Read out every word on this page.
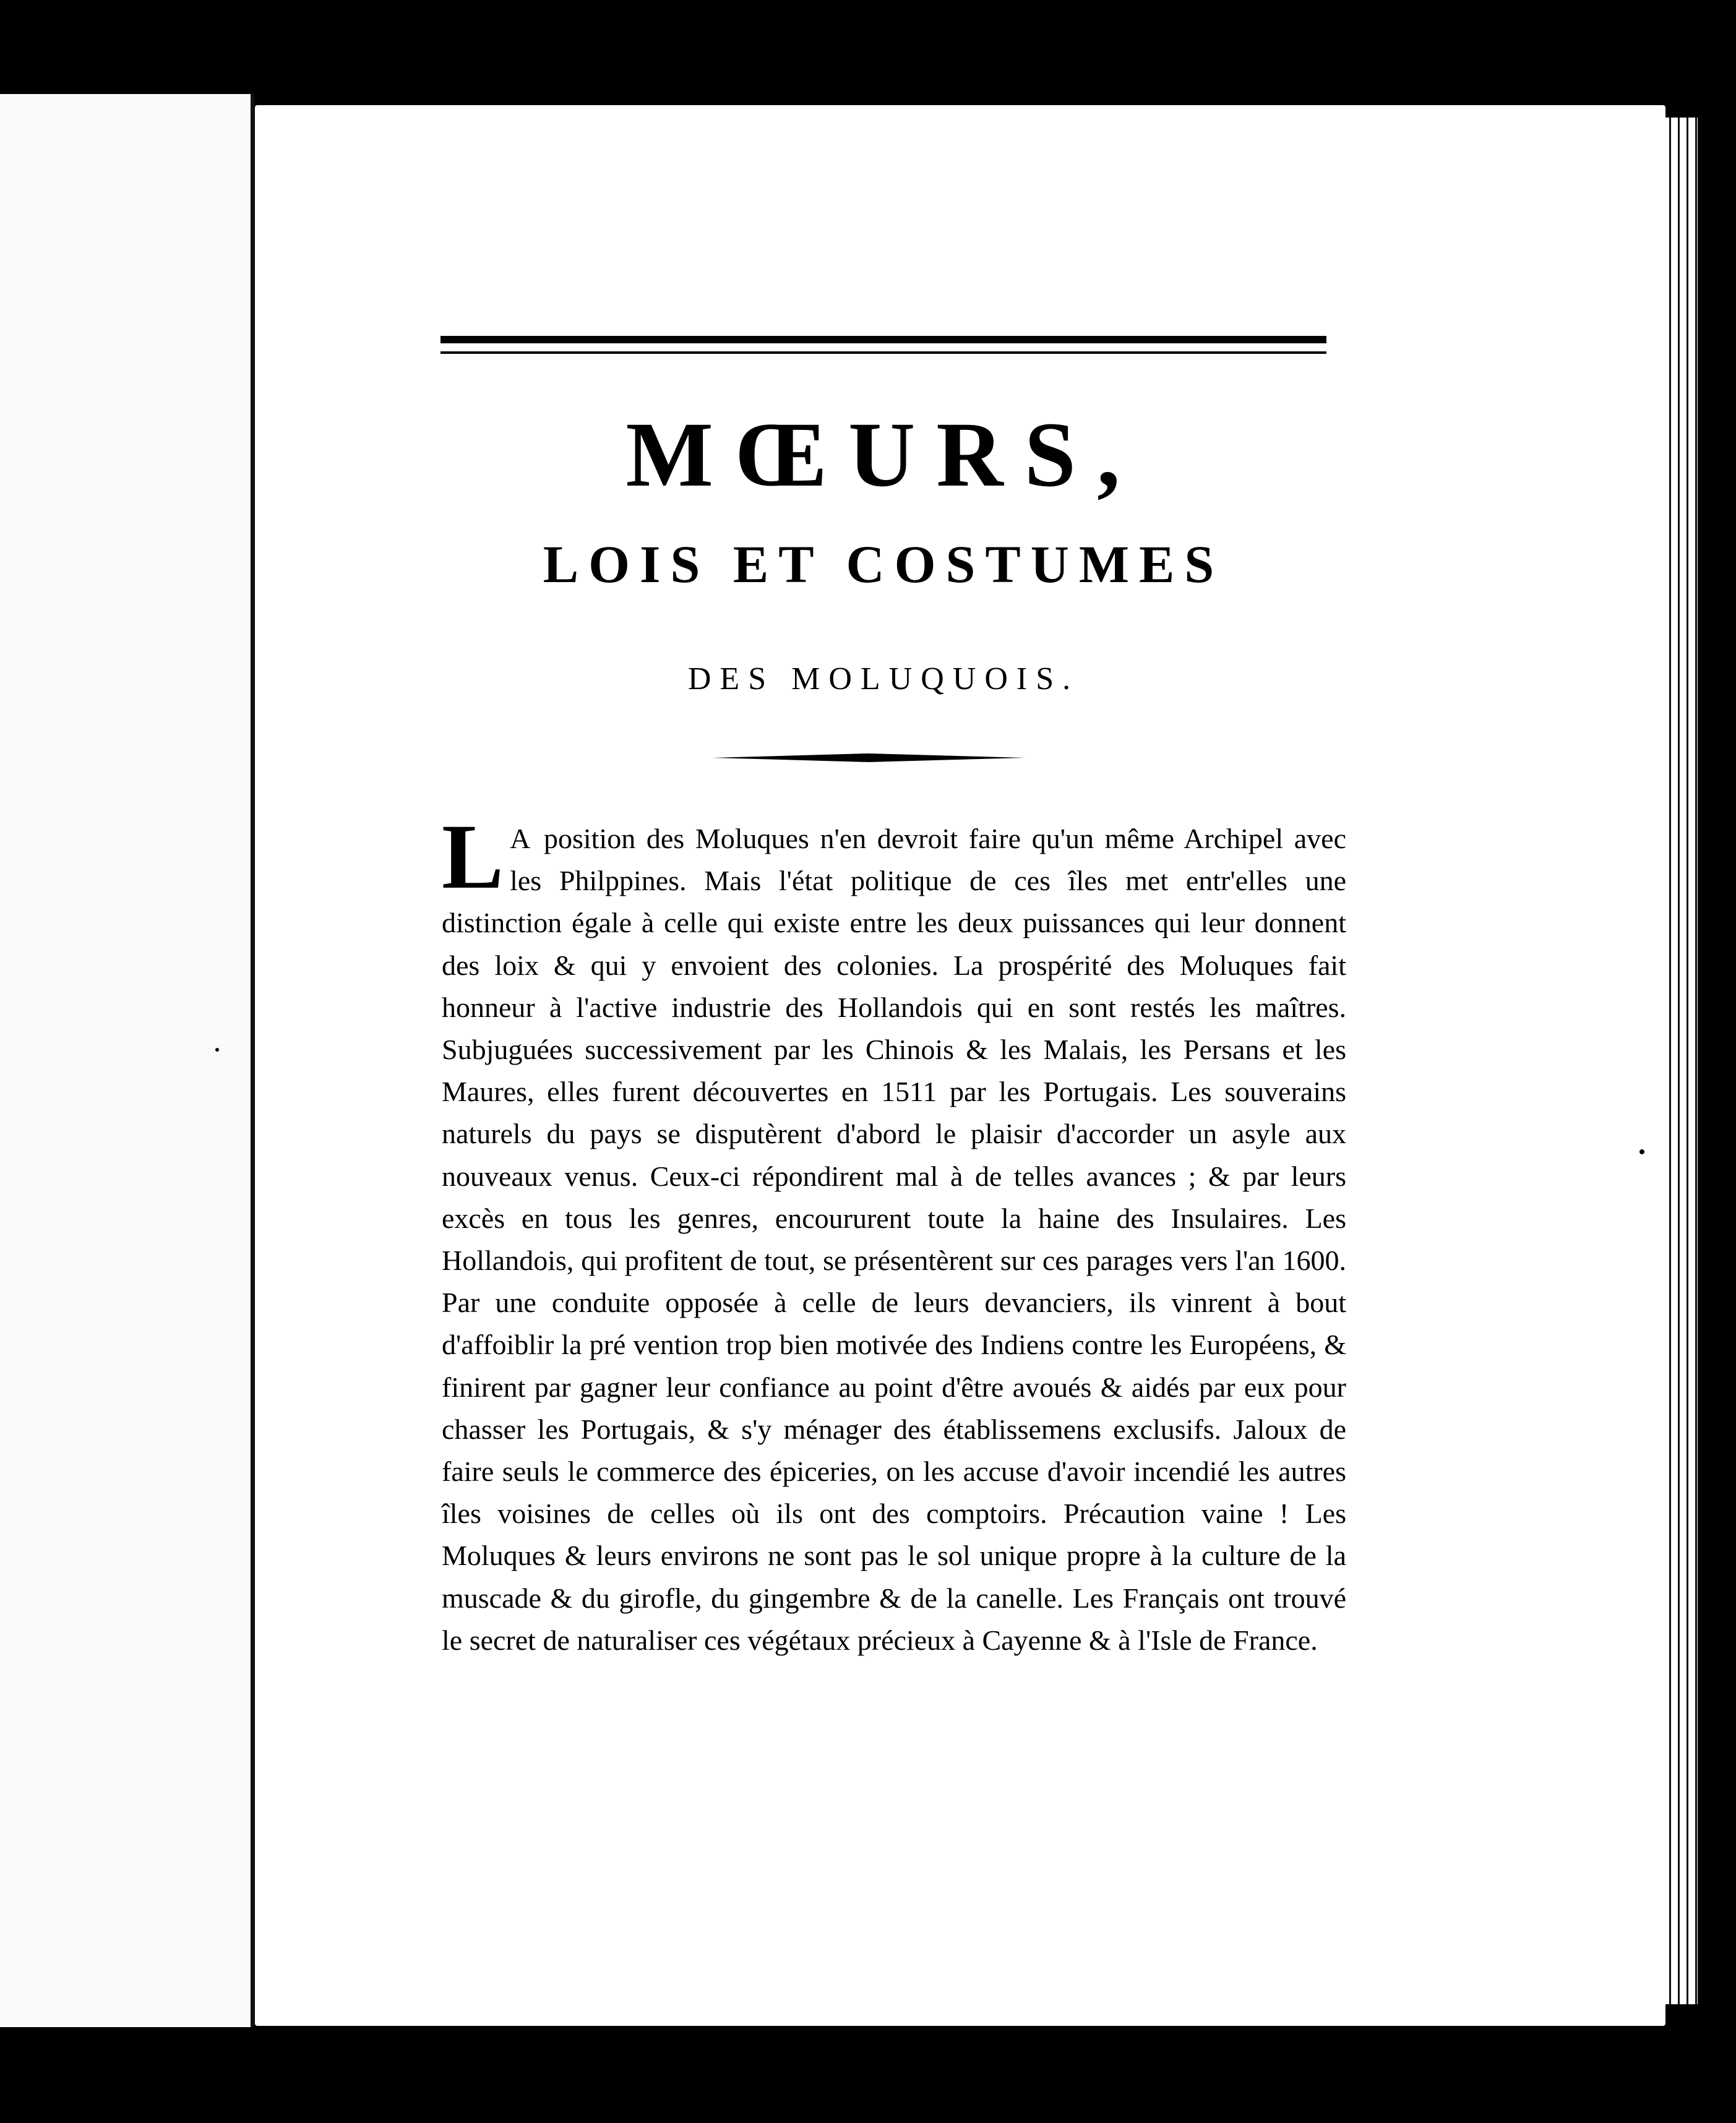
MŒURS,
LOIS ET COSTUMES
DES MOLUQUOIS.
L A position des Moluques n'en devroit faire qu'un même Archipel avec les Philppines. Mais l'état politique de ces îles met entr'elles une distinction égale à celle qui existe entre les deux puissances qui leur donnent des loix & qui y envoient des colonies. La prospérité des Moluques fait honneur à l'active industrie des Hollandois qui en sont restés les maîtres. Subjuguées successivement par les Chinois & les Malais, les Persans et les Maures, elles furent découvertes en 1511 par les Portugais. Les souverains naturels du pays se disputèrent d'abord le plaisir d'accorder un asyle aux nouveaux venus. Ceux-ci répondirent mal à de telles avances ; & par leurs excès en tous les genres, encoururent toute la haine des Insulaires. Les Hollandois, qui profitent de tout, se présentèrent sur ces parages vers l'an 1600. Par une conduite opposée à celle de leurs devanciers, ils vinrent à bout d'affoiblir la pré vention trop bien motivée des Indiens contre les Européens, & finirent par gagner leur confiance au point d'être avoués & aidés par eux pour chasser les Portugais, & s'y ménager des établissemens exclusifs. Jaloux de faire seuls le commerce des épiceries, on les accuse d'avoir incendié les autres îles voisines de celles où ils ont des comptoirs. Précaution vaine ! Les Moluques & leurs environs ne sont pas le sol unique propre à la culture de la muscade & du girofle, du gingembre & de la canelle. Les Français ont trouvé le secret de naturaliser ces végétaux précieux à Cayenne & à l'Isle de France.
